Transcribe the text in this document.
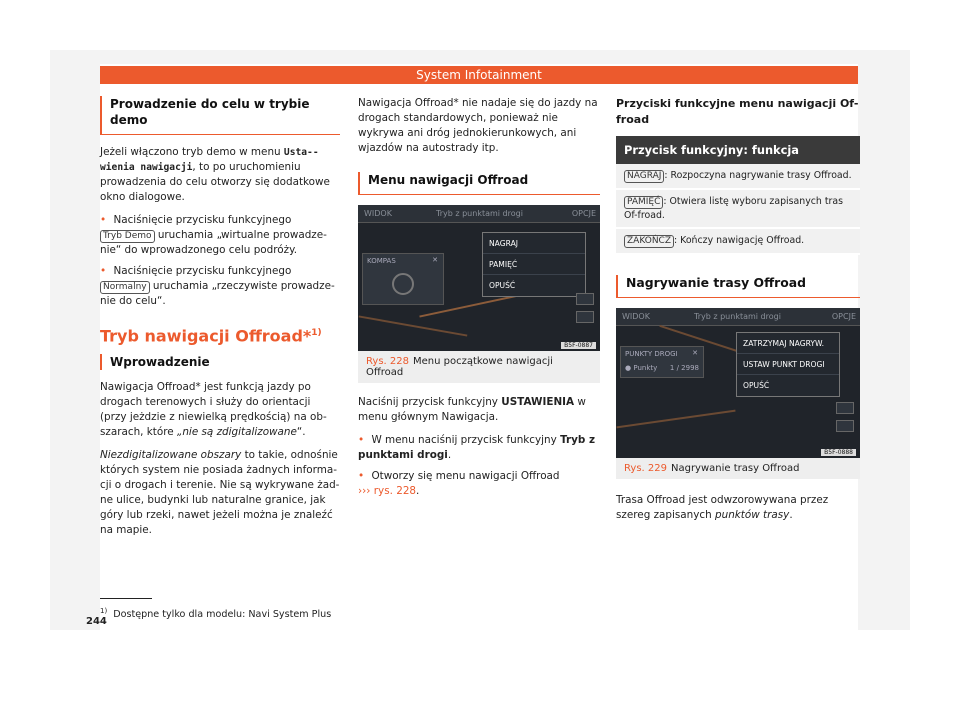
System Infotainment
Prowadzenie do celu w trybie demo

Jeżeli włączono tryb demo w menu Usta-wienia nawigacji, to po uruchomieniu prowadzenia do celu otworzy się dodatkowe okno dialogowe.

• Naciśnięcie przycisku funkcyjnego Tryb Demo uruchamia „wirtualne prowadze-nie“ do wprowadzonego celu podróży.

• Naciśnięcie przycisku funkcyjnego Normalny uruchamia „rzeczywiste prowadze-nie do celu“.

Tryb nawigacji Offroad*$^{1)}$
Wprowadzenie

Nawigacja Offroad* jest funkcją jazdy po drogach terenowych i służy do orientacji (przy jeżdzie z niewielką prędkością) na ob-szarach, które „nie są zdigitalizowane“.

Niezdigitalizowane obszary to takie, odnośnie których system nie posiada żadnych informa-cji o drogach i terenie. Nie są wykrywane żad-ne ulice, budynki lub naturalne granice, jak góry lub rzeki, nawet jeżeli można je znaleźć na mapie.

$^{1)}$ Dostępne tylko dla modelu: Navi System Plus

Nawigacja Offroad* nie nadaje się do jazdy na drogach standardowych, ponieważ nie wykrywa ani dróg jednokierunkowych, ani wjazdów na autostrady itp.

Menu nawigacji Offroad
WIDOK	Tryb z punktami drogi	OPCJE
KOMPAS	✕
NAGRAJ
PAMIĘĆ
OPUŚĆ
B5F-0887
Rys. 228 Menu początkowe nawigacji Offroad

Naciśnij przycisk funkcyjny USTAWIENIA w menu głównym Nawigacja.

• W menu naciśnij przycisk funkcyjny Tryb z punktami drogi.

• Otworzy się menu nawigacji Offroad
››› rys. 228.

Przyciski funkcyjne menu nawigacji Of-froad
Przycisk funkcyjny: funkcja
NAGRAJ : Rozpoczyna nagrywanie trasy Offroad.
PAMIĘĆ : Otwiera listę wyboru zapisanych tras Of-froad.
ZAKOŃCZ : Kończy nawigację Offroad.
Nagrywanie trasy Offroad
WIDOK	Tryb z punktami drogi	OPCJE
PUNKTY DROGI ✕
● Punkty 1 / 2998
ZATRZYMAJ NAGRYW.
USTAW PUNKT DROGI
OPUŚĆ
B5F-0888
Rys. 229 Nagrywanie trasy Offroad

Trasa Offroad jest odwzorowywana przez szereg zapisanych punktów trasy.

244
